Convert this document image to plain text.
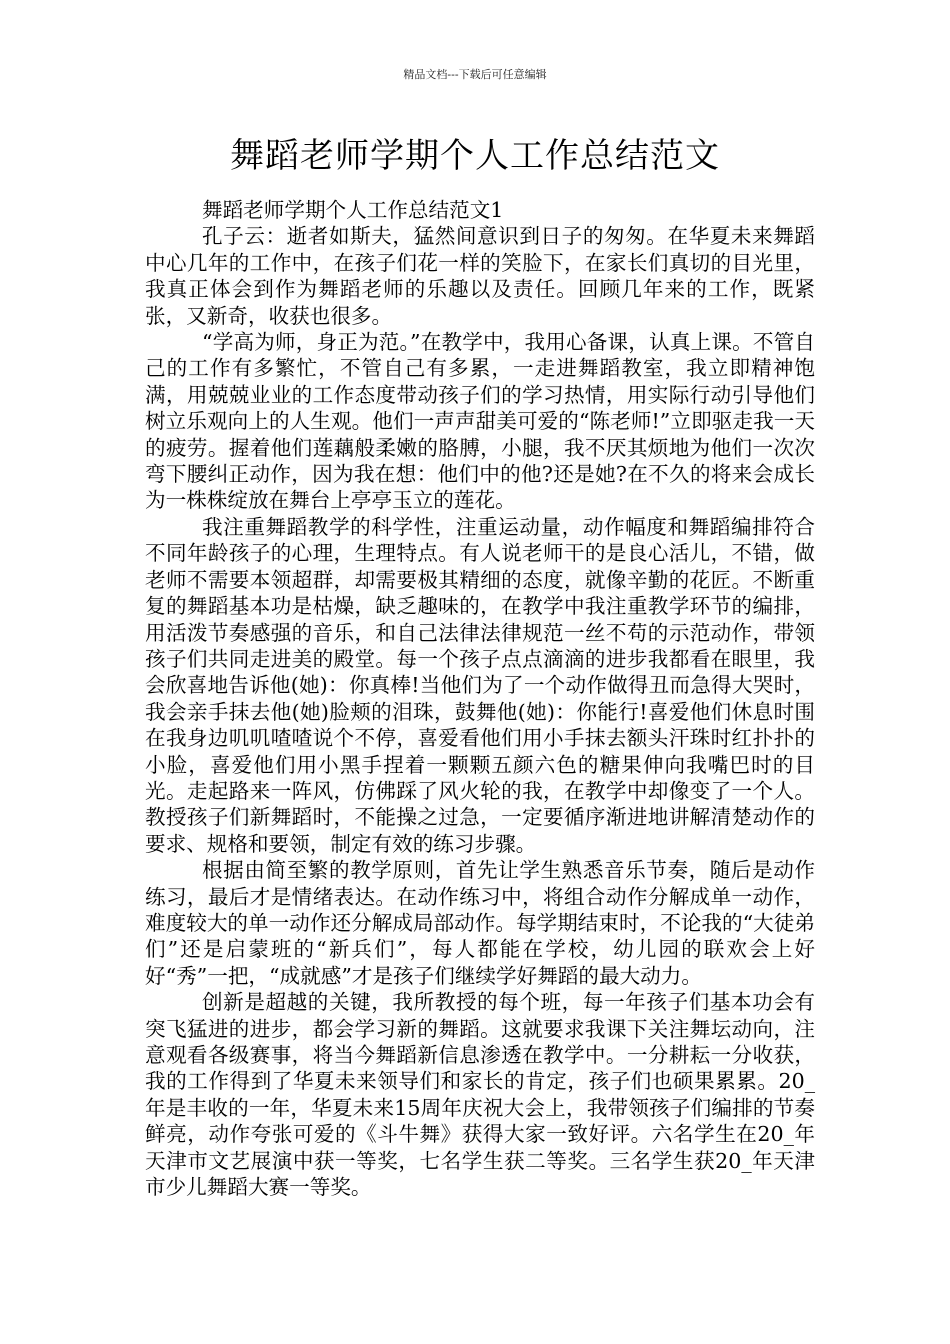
精品文档---下载后可任意编辑
舞蹈老师学期个人工作总结范文

舞蹈老师学期个人工作总结范文1

孔子云：逝者如斯夫，猛然间意识到日子的匆匆。在华夏未来舞蹈中心几年的工作中，在孩子们花一样的笑脸下，在家长们真切的目光里，我真正体会到作为舞蹈老师的乐趣以及责任。回顾几年来的工作，既紧张，又新奇，收获也很多。

“学高为师，身正为范。”在教学中，我用心备课，认真上课。不管自己的工作有多繁忙，不管自己有多累，一走进舞蹈教室，我立即精神饱满，用兢兢业业的工作态度带动孩子们的学习热情，用实际行动引导他们树立乐观向上的人生观。他们一声声甜美可爱的“陈老师!”立即驱走我一天的疲劳。握着他们莲藕般柔嫩的胳膊，小腿，我不厌其烦地为他们一次次弯下腰纠正动作，因为我在想：他们中的他?还是她?在不久的将来会成长为一株株绽放在舞台上亭亭玉立的莲花。

我注重舞蹈教学的科学性，注重运动量，动作幅度和舞蹈编排符合不同年龄孩子的心理，生理特点。有人说老师干的是良心活儿，不错，做老师不需要本领超群，却需要极其精细的态度，就像辛勤的花匠。不断重复的舞蹈基本功是枯燥，缺乏趣味的，在教学中我注重教学环节的编排，用活泼节奏感强的音乐，和自己法律法律规范一丝不苟的示范动作，带领孩子们共同走进美的殿堂。每一个孩子点点滴滴的进步我都看在眼里，我会欣喜地告诉他(她)：你真棒!当他们为了一个动作做得丑而急得大哭时，我会亲手抹去他(她)脸颊的泪珠，鼓舞他(她)：你能行!喜爱他们休息时围在我身边叽叽喳喳说个不停，喜爱看他们用小手抹去额头汗珠时红扑扑的小脸，喜爱他们用小黑手捏着一颗颗五颜六色的糖果伸向我嘴巴时的目光。走起路来一阵风，仿佛踩了风火轮的我，在教学中却像变了一个人。教授孩子们新舞蹈时，不能操之过急，一定要循序渐进地讲解清楚动作的要求、规格和要领，制定有效的练习步骤。

根据由简至繁的教学原则，首先让学生熟悉音乐节奏，随后是动作练习，最后才是情绪表达。在动作练习中，将组合动作分解成单一动作，难度较大的单一动作还分解成局部动作。每学期结束时，不论我的“大徒弟们”还是启蒙班的“新兵们”，每人都能在学校，幼儿园的联欢会上好好“秀”一把，“成就感”才是孩子们继续学好舞蹈的最大动力。

创新是超越的关键，我所教授的每个班，每一年孩子们基本功会有突飞猛进的进步，都会学习新的舞蹈。这就要求我课下关注舞坛动向，注意观看各级赛事，将当今舞蹈新信息渗透在教学中。一分耕耘一分收获，我的工作得到了华夏未来领导们和家长的肯定，孩子们也硕果累累。20_年是丰收的一年，华夏未来15周年庆祝大会上，我带领孩子们编排的节奏鲜亮，动作夸张可爱的《斗牛舞》获得大家一致好评。六名学生在20_年天津市文艺展演中获一等奖，七名学生获二等奖。三名学生获20_年天津市少儿舞蹈大赛一等奖。
